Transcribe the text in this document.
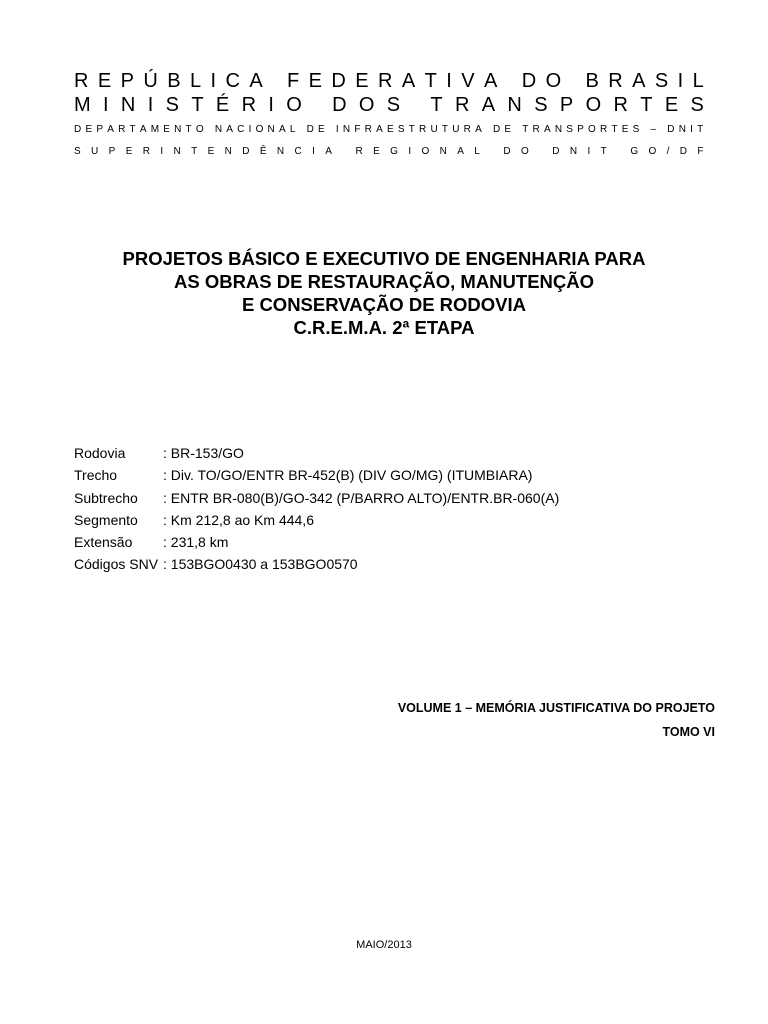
R E P Ú B L I C A
F E D E R A T I V A
D O
B R A S I L
M I N I S T É R I O
D O S
T R A N S P O R T E S
D E P A R T A M E N T O
N A C I O N A L
D E
I N F R A E S T R U T U R A
D E
T R A N S P O R T E S
–
D N I T
S U P E R I N T E N D Ê N C I A
R E G I O N A L
D O
D N I T
G O / D F
PROJETOS BÁSICO E EXECUTIVO DE ENGENHARIA PARA
AS OBRAS DE RESTAURAÇÃO, MANUTENÇÃO
E CONSERVAÇÃO DE RODOVIA
C.R.E.M.A. 2ª ETAPA
Rodovia	: BR-153/GO
Trecho	: Div. TO/GO/ENTR BR-452(B) (DIV GO/MG) (ITUMBIARA)
Subtrecho	: ENTR BR-080(B)/GO-342 (P/BARRO ALTO)/ENTR.BR-060(A)
Segmento	: Km 212,8 ao Km 444,6
Extensão	: 231,8 km
Códigos SNV : 153BGO0430 a 153BGO0570
VOLUME 1 – MEMÓRIA JUSTIFICATIVA DO PROJETO
TOMO VI
MAIO/2013
